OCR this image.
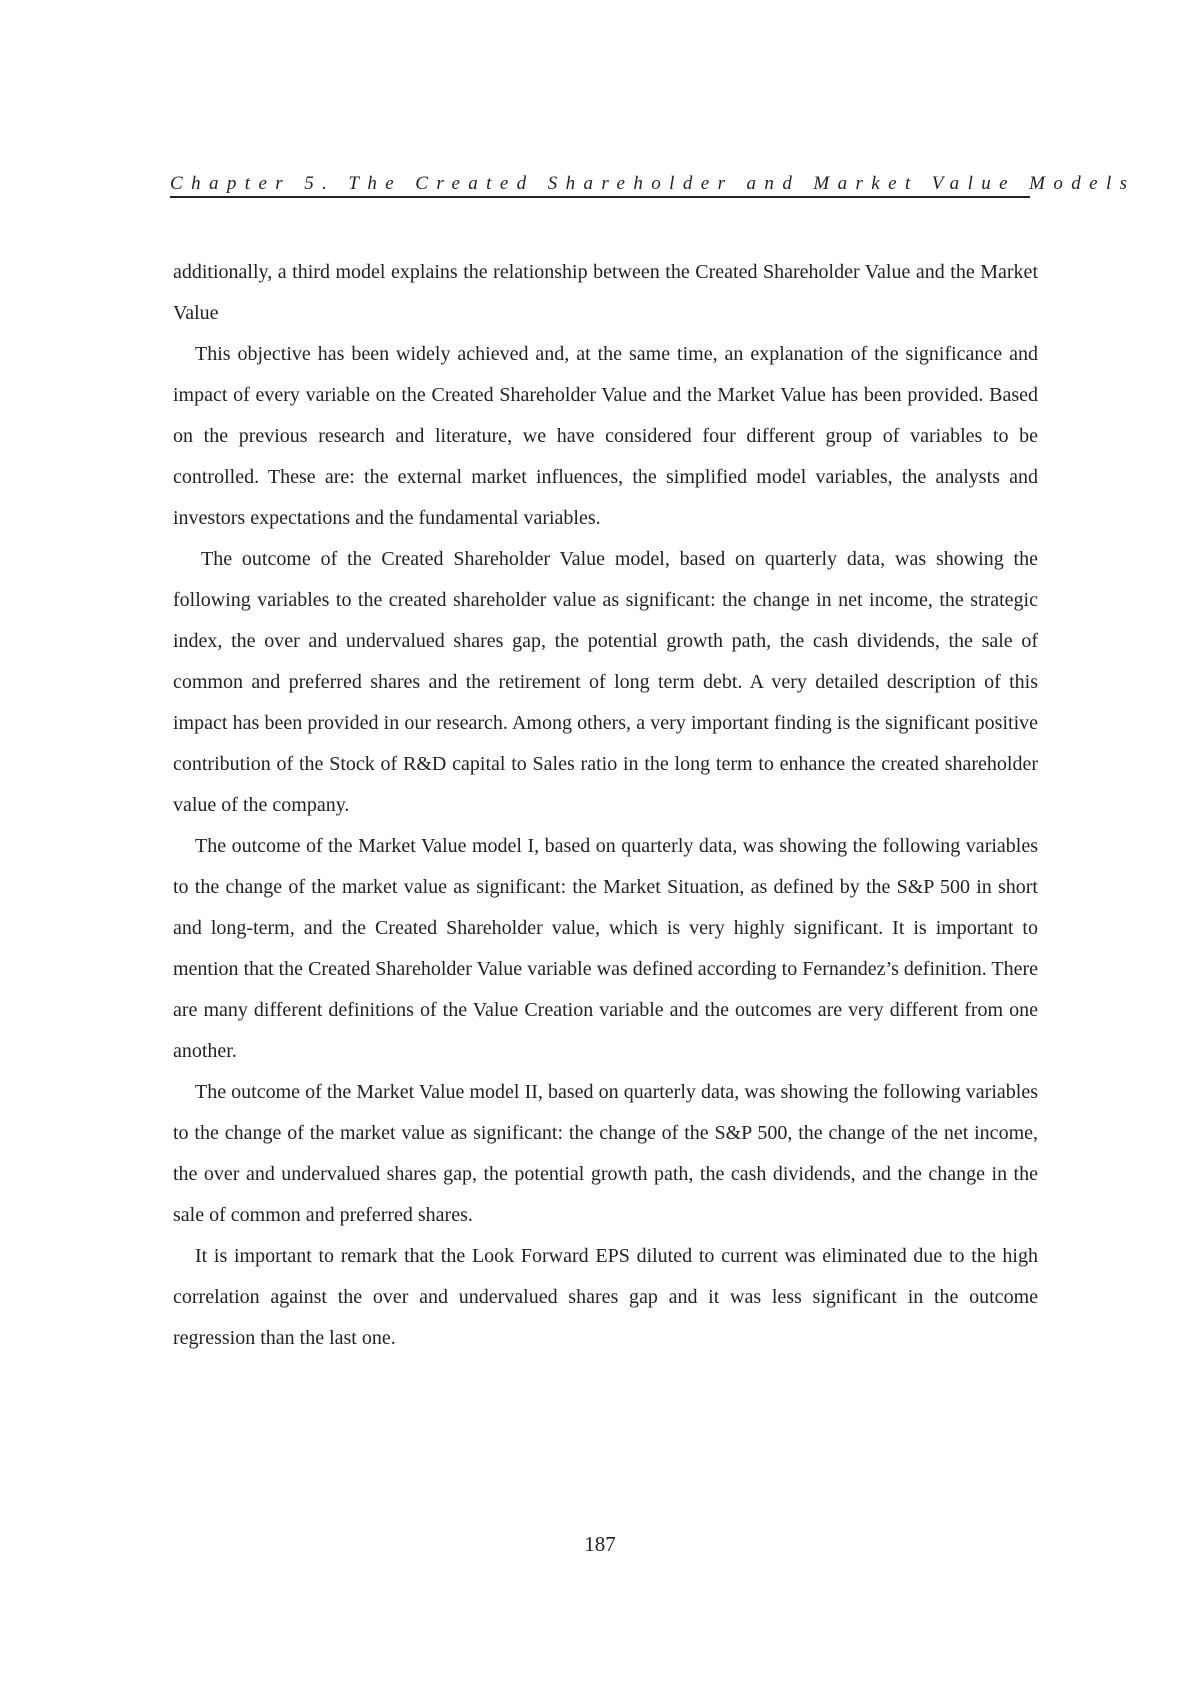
Chapter 5. The Created Shareholder and Market Value Models

additionally, a third model explains the relationship between the Created Shareholder Value and the Market Value

This objective has been widely achieved and, at the same time, an explanation of the significance and impact of every variable on the Created Shareholder Value and the Market Value has been provided. Based on the previous research and literature, we have considered four different group of variables to be controlled. These are: the external market influences, the simplified model variables, the analysts and investors expectations and the fundamental variables.

The outcome of the Created Shareholder Value model, based on quarterly data, was showing the following variables to the created shareholder value as significant: the change in net income, the strategic index, the over and undervalued shares gap, the potential growth path, the cash dividends, the sale of common and preferred shares and the retirement of long term debt. A very detailed description of this impact has been provided in our research. Among others, a very important finding is the significant positive contribution of the Stock of R&D capital to Sales ratio in the long term to enhance the created shareholder value of the company.

The outcome of the Market Value model I, based on quarterly data, was showing the following variables to the change of the market value as significant: the Market Situation, as defined by the S&P 500 in short and long-term, and the Created Shareholder value, which is very highly significant. It is important to mention that the Created Shareholder Value variable was defined according to Fernandez’s definition. There are many different definitions of the Value Creation variable and the outcomes are very different from one another.

The outcome of the Market Value model II, based on quarterly data, was showing the following variables to the change of the market value as significant: the change of the S&P 500, the change of the net income, the over and undervalued shares gap, the potential growth path, the cash dividends, and the change in the sale of common and preferred shares.

It is important to remark that the Look Forward EPS diluted to current was eliminated due to the high correlation against the over and undervalued shares gap and it was less significant in the outcome regression than the last one.

187
